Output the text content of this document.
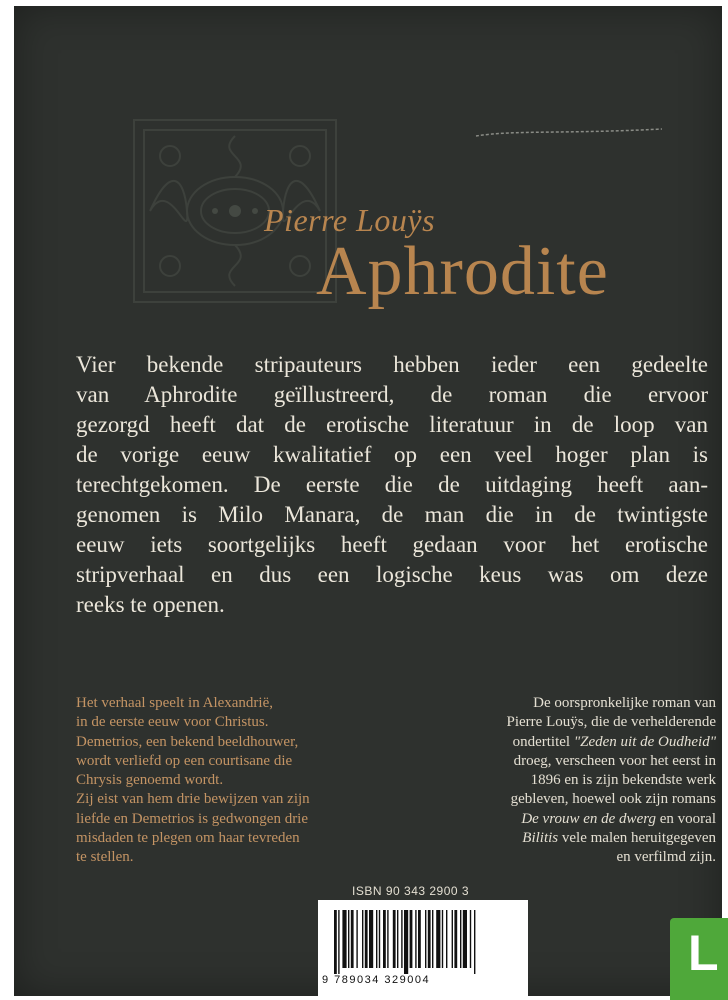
Pierre Louÿs
Aphrodite
Vier bekende stripauteurs hebben ieder een gedeelte
van Aphrodite geïllustreerd, de roman die ervoor
gezorgd heeft dat de erotische literatuur in de loop van
de vorige eeuw kwalitatief op een veel hoger plan is
terechtgekomen. De eerste die de uitdaging heeft aan-
genomen is Milo Manara, de man die in de twintigste
eeuw iets soortgelijks heeft gedaan voor het erotische
stripverhaal en dus een logische keus was om deze
reeks te openen.
Het verhaal speelt in Alexandrië,
in de eerste eeuw voor Christus.
Demetrios, een bekend beeldhouwer,
wordt verliefd op een courtisane die
Chrysis genoemd wordt.
Zij eist van hem drie bewijzen van zijn
liefde en Demetrios is gedwongen drie
misdaden te plegen om haar tevreden
te stellen.
De oorspronkelijke roman van
Pierre Louÿs, die de verhelderende
ondertitel "Zeden uit de Oudheid"
droeg, verscheen voor het eerst in
1896 en is zijn bekendste werk
gebleven, hoewel ook zijn romans
De vrouw en de dwerg en vooral
Bilitis vele malen heruitgegeven
en verfilmd zijn.
ISBN 90 343 2900 3
9 789034 329004	L
